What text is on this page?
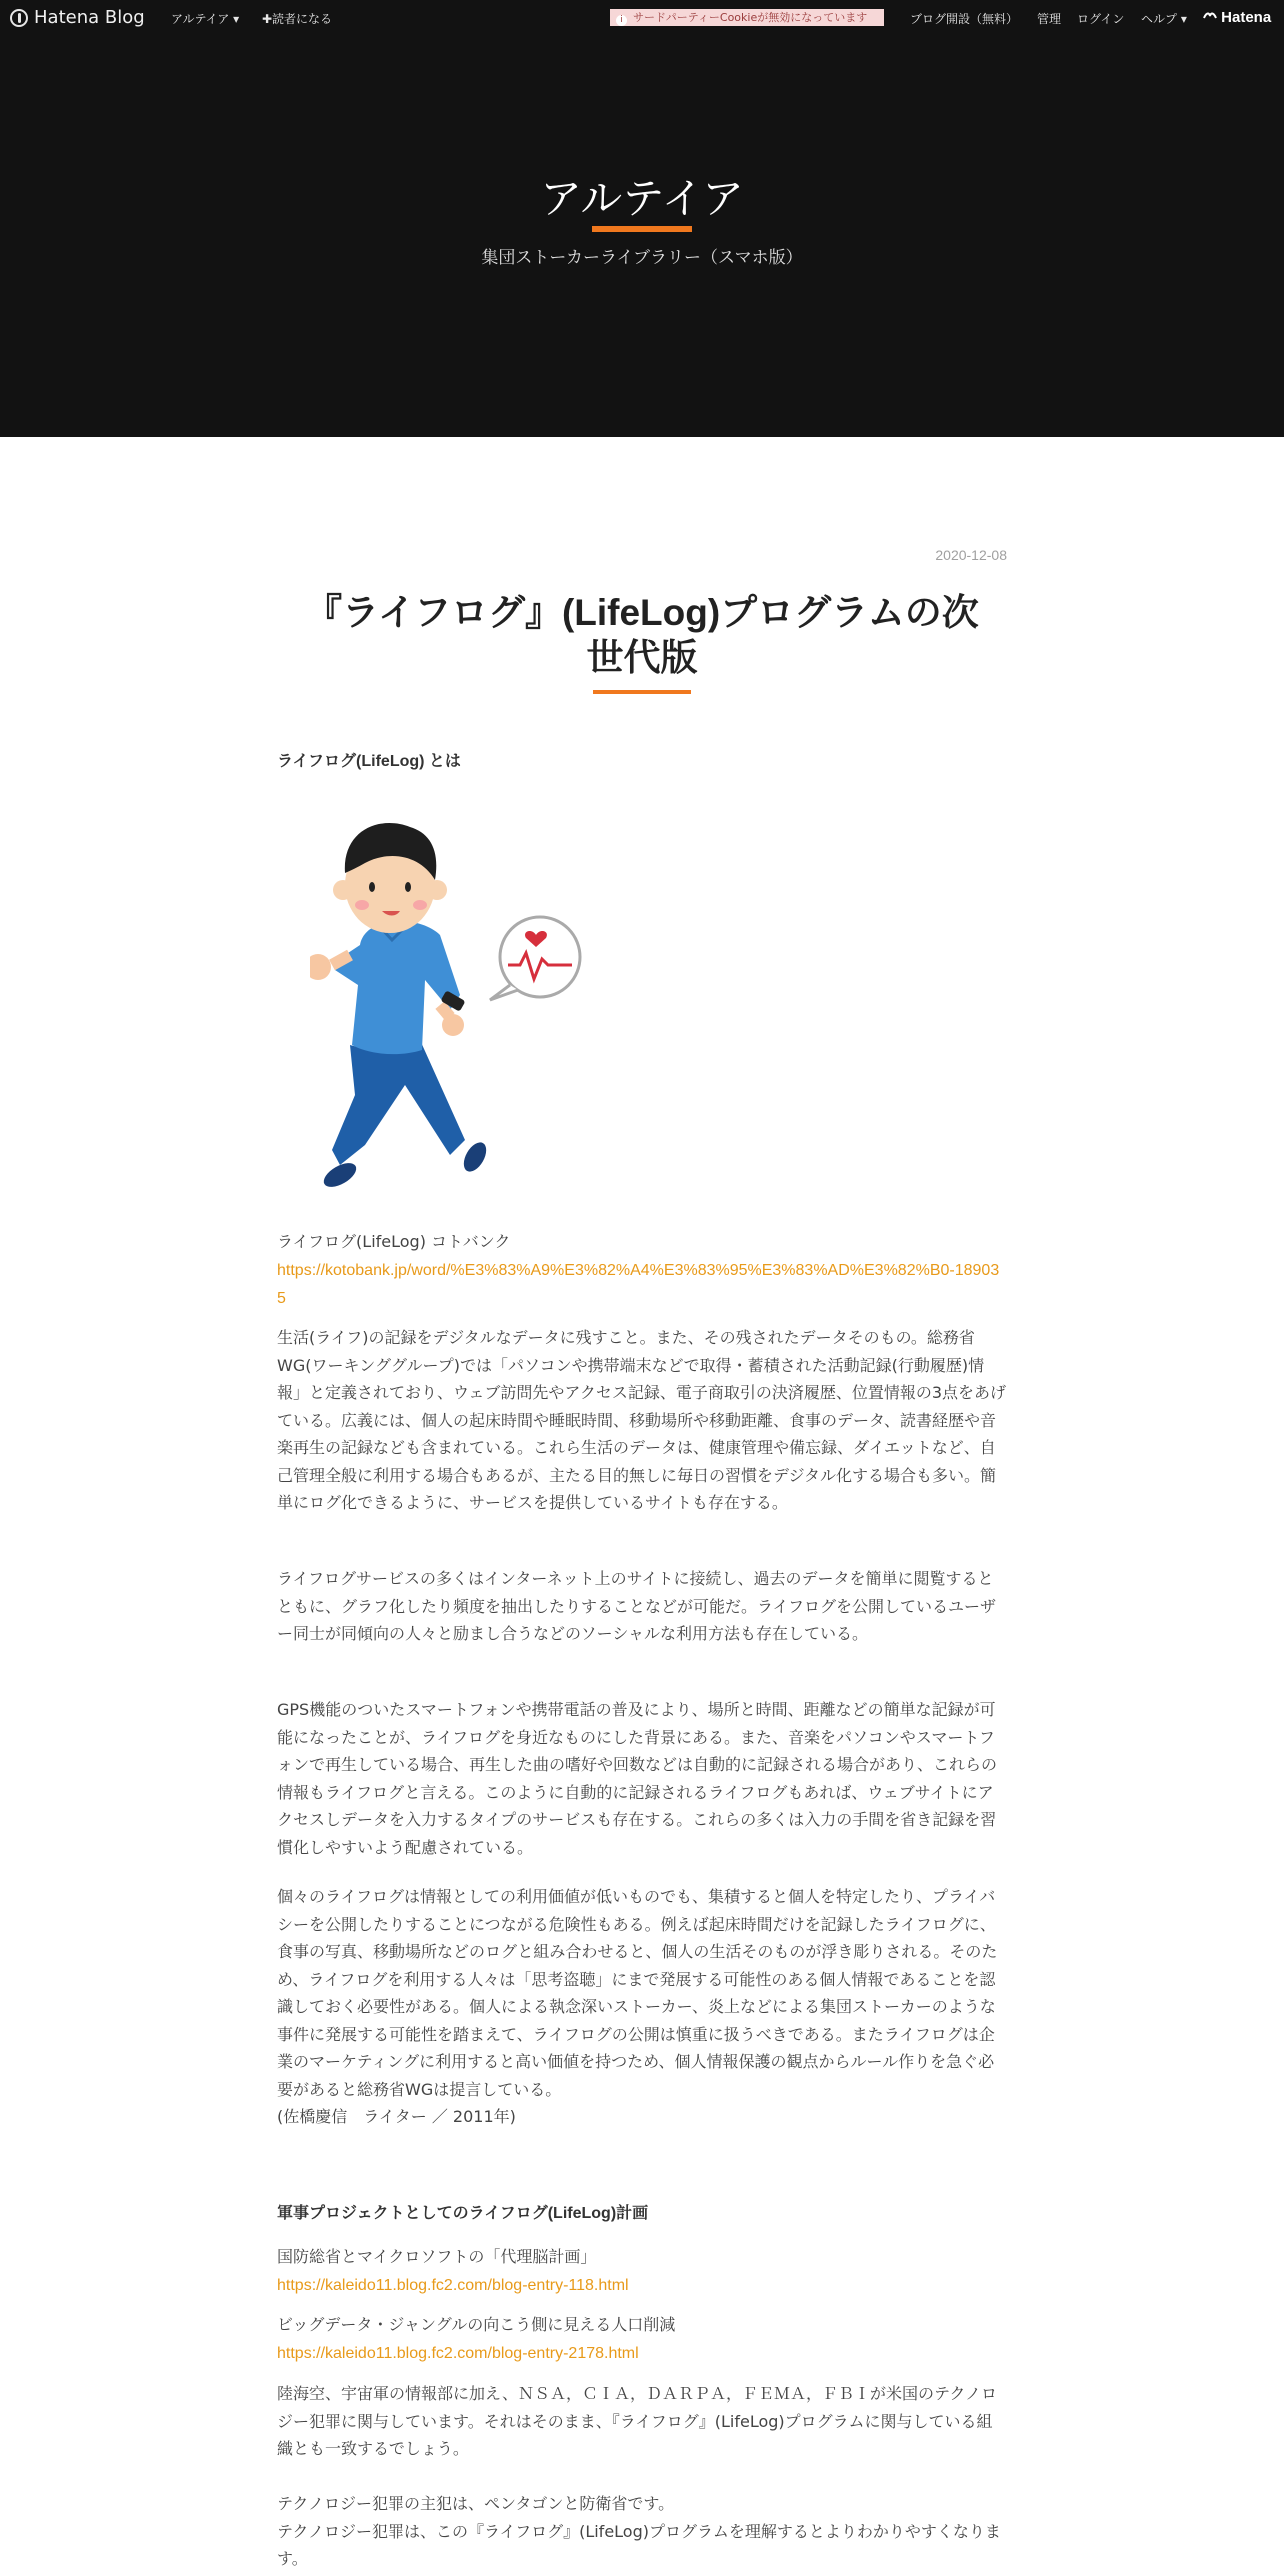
Hatena Blog アルテイア ▾ ✚読者になる	i サードパーティーCookieが無効になっています	ブログ開設（無料） 管理 ログイン ヘルプ ▾	Hatena
アルテイア
集団ストーカーライブラリー（スマホ版）
2020-12-08
『ライフログ』(LifeLog)プログラムの次
世代版
ライフログ(LifeLog) とは

ライフログ(LifeLog) コトバンク

https://kotobank.jp/word/%E3%83%A9%E3%82%A4%E3%83%95%E3%83%AD%E3%82%B0-189035

生活(ライフ)の記録をデジタルなデータに残すこと。また、その残されたデータそのもの。総務省WG(ワーキンググループ)では「パソコンや携帯端末などで取得・蓄積された活動記録(行動履歴)情報」と定義されており、ウェブ訪問先やアクセス記録、電子商取引の決済履歴、位置情報の3点をあげている。広義には、個人の起床時間や睡眠時間、移動場所や移動距離、食事のデータ、読書経歴や音楽再生の記録なども含まれている。これら生活のデータは、健康管理や備忘録、ダイエットなど、自己管理全般に利用する場合もあるが、主たる目的無しに毎日の習慣をデジタル化する場合も多い。簡単にログ化できるように、サービスを提供しているサイトも存在する。

ライフログサービスの多くはインターネット上のサイトに接続し、過去のデータを簡単に閲覧するとともに、グラフ化したり頻度を抽出したりすることなどが可能だ。ライフログを公開しているユーザー同士が同傾向の人々と励まし合うなどのソーシャルな利用方法も存在している。

GPS機能のついたスマートフォンや携帯電話の普及により、場所と時間、距離などの簡単な記録が可能になったことが、ライフログを身近なものにした背景にある。また、音楽をパソコンやスマートフォンで再生している場合、再生した曲の嗜好や回数などは自動的に記録される場合があり、これらの情報もライフログと言える。このように自動的に記録されるライフログもあれば、ウェブサイトにアクセスしデータを入力するタイプのサービスも存在する。これらの多くは入力の手間を省き記録を習慣化しやすいよう配慮されている。

個々のライフログは情報としての利用価値が低いものでも、集積すると個人を特定したり、プライバシーを公開したりすることにつながる危険性もある。例えば起床時間だけを記録したライフログに、食事の写真、移動場所などのログと組み合わせると、個人の生活そのものが浮き彫りされる。そのため、ライフログを利用する人々は「思考盗聴」にまで発展する可能性のある個人情報であることを認識しておく必要性がある。個人による執念深いストーカー、炎上などによる集団ストーカーのような事件に発展する可能性を踏まえて、ライフログの公開は慎重に扱うべきである。またライフログは企業のマーケティングに利用すると高い価値を持つため、個人情報保護の観点からルール作りを急ぐ必要があると総務省WGは提言している。

(佐橋慶信　ライター ／ 2011年)

軍事プロジェクトとしてのライフログ(LifeLog)計画

国防総省とマイクロソフトの「代理脳計画」

https://kaleido11.blog.fc2.com/blog-entry-118.html

ビッグデータ・ジャングルの向こう側に見える人口削減

https://kaleido11.blog.fc2.com/blog-entry-2178.html

陸海空、宇宙軍の情報部に加え、ＮＳＡ，ＣＩＡ，ＤＡＲＰＡ，ＦＥＭＡ，ＦＢＩが米国のテクノロジー犯罪に関与しています。それはそのまま、『ライフログ』(LifeLog)プログラムに関与している組織とも一致するでしょう。

テクノロジー犯罪の主犯は、ペンタゴンと防衛省です。

テクノロジー犯罪は、この『ライフログ』(LifeLog)プログラムを理解するとよりわかりやすくなります。
